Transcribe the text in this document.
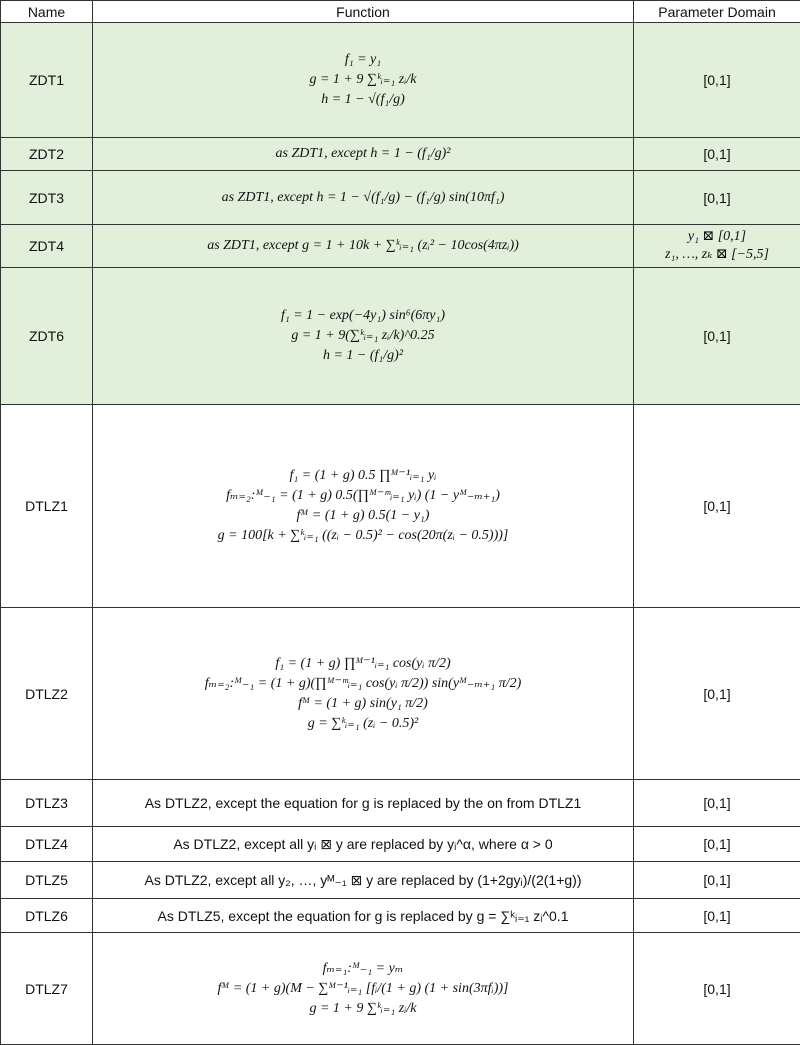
Name	Function	Parameter Domain
ZDT1	f₁ = y₁
g = 1 + 9 ∑ᵏᵢ₌₁ zᵢ/k
h = 1 − √(f₁/g)	[0,1]
ZDT2	as ZDT1, except h = 1 − (f₁/g)²	[0,1]
ZDT3	as ZDT1, except h = 1 − √(f₁/g) − (f₁/g) sin(10πf₁)	[0,1]
ZDT4	as ZDT1, except g = 1 + 10k + ∑ᵏᵢ₌₁ (zᵢ² − 10cos(4πzᵢ))	y₁ ⊠ [0,1]
z₁, …, zₖ ⊠ [−5,5]

ZDT6	f₁ = 1 − exp(−4y₁) sin⁶(6πy₁)
g = 1 + 9(∑ᵏᵢ₌₁ zᵢ/k)^0.25
h = 1 − (f₁/g)²	[0,1]
DTLZ1	f₁ = (1 + g) 0.5 ∏ᴹ⁻¹ᵢ₌₁ yᵢ
fₘ₌₂:ᴹ₋₁ = (1 + g) 0.5(∏ᴹ⁻ᵐᵢ₌₁ yᵢ) (1 − yᴹ₋ₘ₊₁)
fᴹ = (1 + g) 0.5(1 − y₁)
g = 100[k + ∑ᵏᵢ₌₁ ((zᵢ − 0.5)² − cos(20π(zᵢ − 0.5)))]	[0,1]
DTLZ2	f₁ = (1 + g) ∏ᴹ⁻¹ᵢ₌₁ cos(yᵢ π/2)
fₘ₌₂:ᴹ₋₁ = (1 + g)(∏ᴹ⁻ᵐᵢ₌₁ cos(yᵢ π/2)) sin(yᴹ₋ₘ₊₁ π/2)
fᴹ = (1 + g) sin(y₁ π/2)
g = ∑ᵏᵢ₌₁ (zᵢ − 0.5)²	[0,1]
DTLZ3	As DTLZ2, except the equation for g is replaced by the on from DTLZ1	[0,1]
DTLZ4	As DTLZ2, except all yᵢ ⊠ y are replaced by yᵢ^α, where α > 0	[0,1]
DTLZ5	As DTLZ2, except all y₂, …, yᴹ₋₁ ⊠ y are replaced by (1+2gyᵢ)/(2(1+g))	[0,1]
DTLZ6	As DTLZ5, except the equation for g is replaced by g = ∑ᵏᵢ₌₁ zᵢ^0.1	[0,1]
DTLZ7	fₘ₌₁:ᴹ₋₁ = yₘ
fᴹ = (1 + g)(M − ∑ᴹ⁻¹ᵢ₌₁ [fᵢ/(1 + g) (1 + sin(3πfᵢ))]
g = 1 + 9 ∑ᵏᵢ₌₁ zᵢ/k	[0,1]
